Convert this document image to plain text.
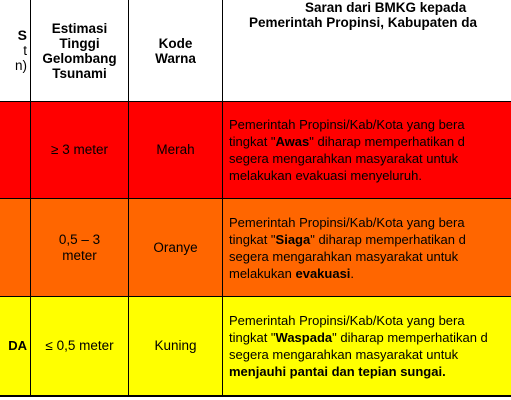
S
t
n)
Estimasi
Tinggi
Gelombang
Tsunami
Kode
Warna
Saran dari BMKG kepada
Pemerintah Propinsi, Kabupaten da
≥ 3 meter	Merah
Pemerintah Propinsi/Kab/Kota yang bera
tingkat "Awas" diharap memperhatikan d
segera mengarahkan masyarakat untuk
melakukan evakuasi menyeluruh.
0,5 – 3
meter
Oranye
Pemerintah Propinsi/Kab/Kota yang bera
tingkat "Siaga" diharap memperhatikan d
segera mengarahkan masyarakat untuk
melakukan evakuasi.
DA ≤ 0,5 meter	Kuning
Pemerintah Propinsi/Kab/Kota yang bera
tingkat "Waspada" diharap memperhatikan d
segera mengarahkan masyarakat untuk
menjauhi pantai dan tepian sungai.
